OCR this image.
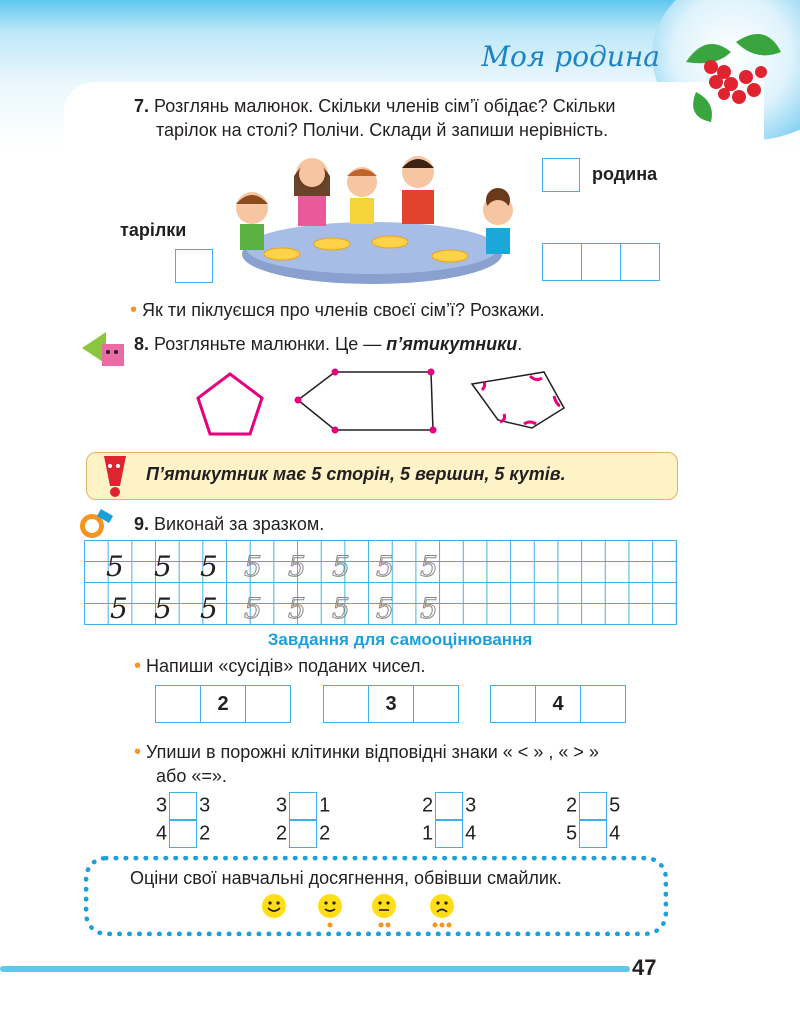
Моя родина
7. Розглянь малюнок. Скільки членів сім’ї обідає? Скільки
тарілок на столі? Полічи. Склади й запиши нерівність.
родина
тарілки
• Як ти піклуєшся про членів своєї сім’ї? Розкажи.
8. Розгляньте малюнки. Це — п’ятикутники.
П’ятикутник має 5 сторін, 5 вершин, 5 кутів.
9. Виконай за зразком.
5 5 5 5 5 5 5 5
5 5 5 5 5 5 5 5
Завдання для самооцінювання
• Напиши «сусідів» поданих чисел.
2	3	4
• Упиши в порожні клітинки відповідні знаки « < » , « > »
або «=».
3 3	3 1	2 3	2 5
4 2	2 2	1 4	5 4
Оціни свої навчальні досягнення, обвівши смайлик.
47
